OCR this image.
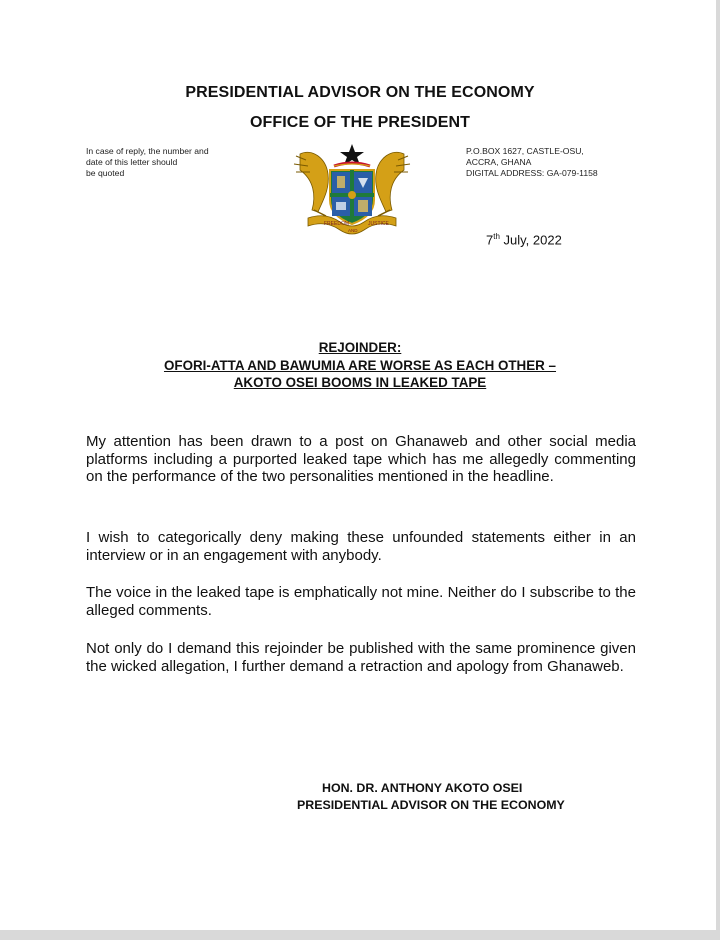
PRESIDENTIAL ADVISOR ON THE ECONOMY
OFFICE OF THE PRESIDENT
In case of reply, the number and
date of this letter should
be quoted
FREEDOM
AND
JUSTICE
P.O.BOX 1627, CASTLE-OSU,
ACCRA, GHANA
DIGITAL ADDRESS: GA-079-1158
7th July, 2022
REJOINDER:
OFORI-ATTA AND BAWUMIA ARE WORSE AS EACH OTHER –
AKOTO OSEI BOOMS IN LEAKED TAPE
My attention has been drawn to a post on Ghanaweb and other social media platforms including a purported leaked tape which has me allegedly commenting on the performance of the two personalities mentioned in the headline.
I wish to categorically deny making these unfounded statements either in an interview or in an engagement with anybody.
The voice in the leaked tape is emphatically not mine. Neither do I subscribe to the alleged comments.
Not only do I demand this rejoinder be published with the same prominence given the wicked allegation, I further demand a retraction and apology from Ghanaweb.
HON. DR. ANTHONY AKOTO OSEI
PRESIDENTIAL ADVISOR ON THE ECONOMY
